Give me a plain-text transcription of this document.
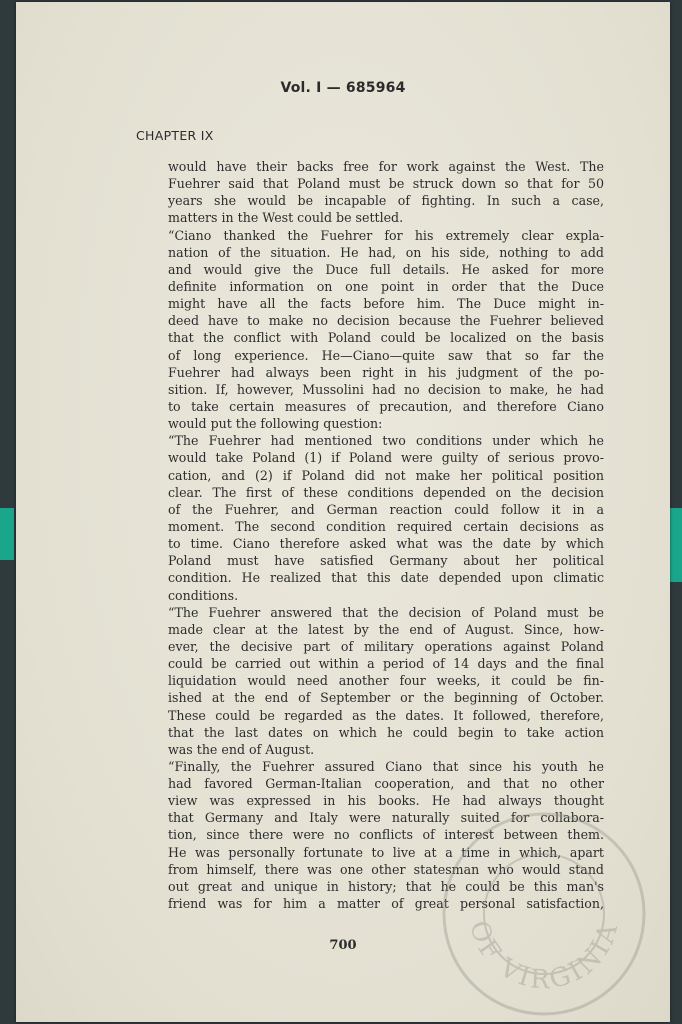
Vol. I — 685964
CHAPTER IX
would have their backs free for work against the West. The
Fuehrer said that Poland must be struck down so that for 50
years she would be incapable of fighting. In such a case,
matters in the West could be settled.
“Ciano thanked the Fuehrer for his extremely clear expla-
nation of the situation. He had, on his side, nothing to add
and would give the Duce full details. He asked for more
definite information on one point in order that the Duce
might have all the facts before him. The Duce might in-
deed have to make no decision because the Fuehrer believed
that the conflict with Poland could be localized on the basis
of long experience. He—Ciano—quite saw that so far the
Fuehrer had always been right in his judgment of the po-
sition. If, however, Mussolini had no decision to make, he had
to take certain measures of precaution, and therefore Ciano
would put the following question:
“The Fuehrer had mentioned two conditions under which he
would take Poland (1) if Poland were guilty of serious provo-
cation, and (2) if Poland did not make her political position
clear. The first of these conditions depended on the decision
of the Fuehrer, and German reaction could follow it in a
moment. The second condition required certain decisions as
to time. Ciano therefore asked what was the date by which
Poland must have satisfied Germany about her political
condition. He realized that this date depended upon climatic
conditions.
“The Fuehrer answered that the decision of Poland must be
made clear at the latest by the end of August. Since, how-
ever, the decisive part of military operations against Poland
could be carried out within a period of 14 days and the final
liquidation would need another four weeks, it could be fin-
ished at the end of September or the beginning of October.
These could be regarded as the dates. It followed, therefore,
that the last dates on which he could begin to take action
was the end of August.
“Finally, the Fuehrer assured Ciano that since his youth he
had favored German-Italian cooperation, and that no other
view was expressed in his books. He had always thought
that Germany and Italy were naturally suited for collabora-
tion, since there were no conflicts of interest between them.
He was personally fortunate to live at a time in which, apart
from himself, there was one other statesman who would stand
out great and unique in history; that he could be this man's
friend was for him a matter of great personal satisfaction,
OF VIRGINIA
700
